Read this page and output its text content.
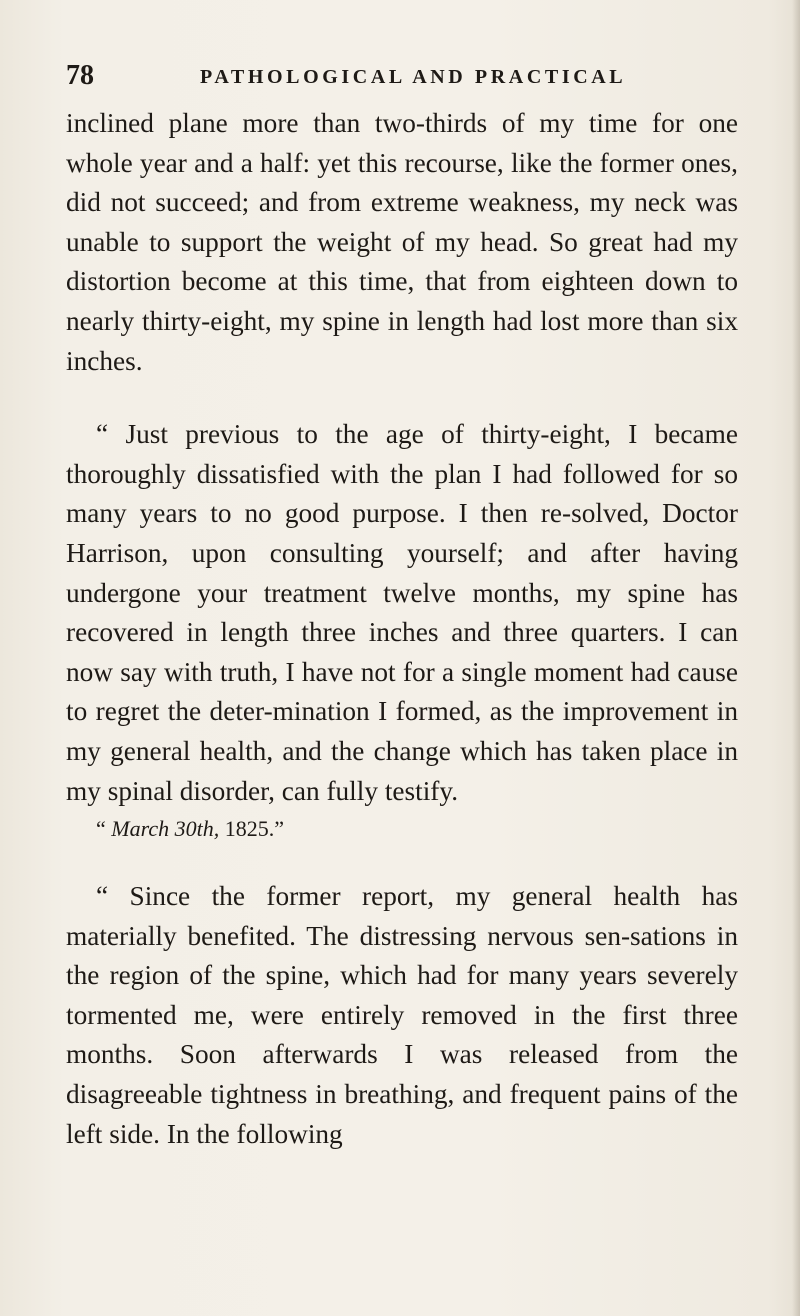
78	PATHOLOGICAL AND PRACTICAL

inclined plane more than two-thirds of my time for one whole year and a half: yet this recourse, like the former ones, did not succeed; and from extreme weakness, my neck was unable to support the weight of my head. So great had my distortion become at this time, that from eighteen down to nearly thirty-eight, my spine in length had lost more than six inches.

“ Just previous to the age of thirty-eight, I became thoroughly dissatisfied with the plan I had followed for so many years to no good purpose. I then re-solved, Doctor Harrison, upon consulting yourself; and after having undergone your treatment twelve months, my spine has recovered in length three inches and three quarters. I can now say with truth, I have not for a single moment had cause to regret the deter-mination I formed, as the improvement in my general health, and the change which has taken place in my spinal disorder, can fully testify.

“ March 30th, 1825.”

“ Since the former report, my general health has materially benefited. The distressing nervous sen-sations in the region of the spine, which had for many years severely tormented me, were entirely removed in the first three months. Soon afterwards I was released from the disagreeable tightness in breathing, and frequent pains of the left side. In the following
